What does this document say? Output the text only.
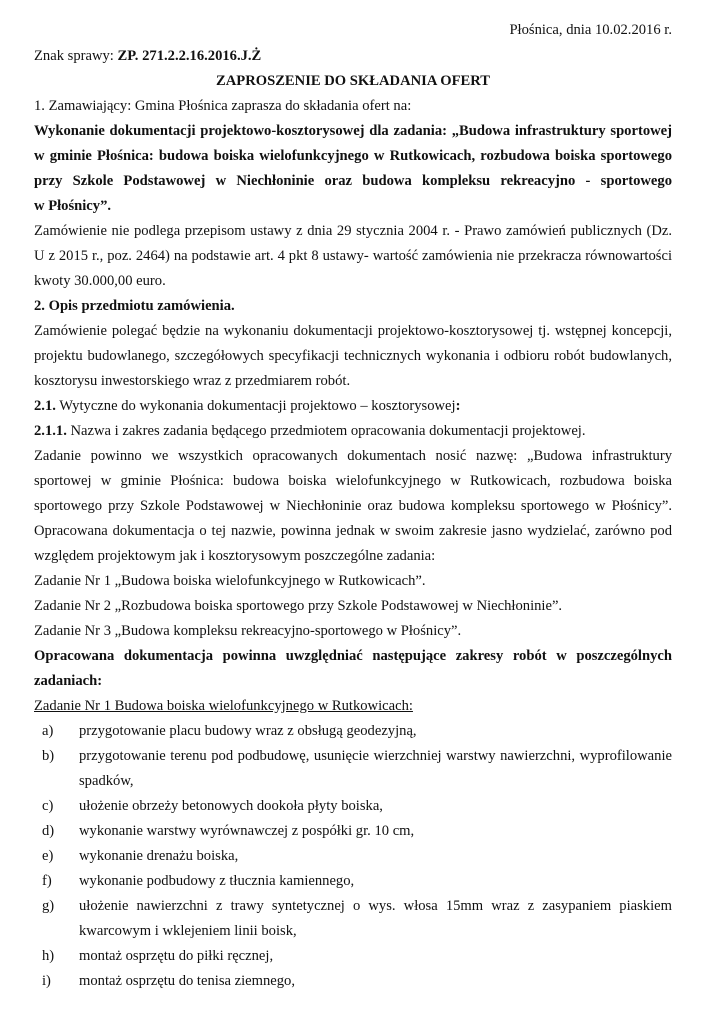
Płośnica, dnia 10.02.2016 r.
Znak sprawy: ZP. 271.2.2.16.2016.J.Ż
ZAPROSZENIE DO SKŁADANIA OFERT
1. Zamawiający: Gmina Płośnica zaprasza do składania ofert na:
Wykonanie dokumentacji projektowo-kosztorysowej dla zadania: „Budowa infrastruktury sportowej
w gminie Płośnica: budowa boiska wielofunkcyjnego w Rutkowicach, rozbudowa boiska sportowego
przy Szkole Podstawowej w Niechłoninie oraz budowa kompleksu rekreacyjno - sportowego
w Płośnicy”.
Zamówienie nie podlega przepisom ustawy z dnia 29 stycznia 2004 r. - Prawo zamówień publicznych (Dz.
U z 2015 r., poz. 2464) na podstawie art. 4 pkt 8 ustawy- wartość zamówienia nie przekracza równowartości
kwoty 30.000,00 euro.
2. Opis przedmiotu zamówienia.
Zamówienie polegać będzie na wykonaniu dokumentacji projektowo-kosztorysowej tj. wstępnej koncepcji,
projektu budowlanego, szczegółowych specyfikacji technicznych wykonania i odbioru robót budowlanych,
kosztorysu inwestorskiego wraz z przedmiarem robót.
2.1. Wytyczne do wykonania dokumentacji projektowo – kosztorysowej:
2.1.1. Nazwa i zakres zadania będącego przedmiotem opracowania dokumentacji projektowej.
Zadanie powinno we wszystkich opracowanych dokumentach nosić nazwę: „Budowa infrastruktury
sportowej w gminie Płośnica: budowa boiska wielofunkcyjnego w Rutkowicach, rozbudowa boiska
sportowego przy Szkole Podstawowej w Niechłoninie oraz budowa kompleksu sportowego w Płośnicy”.
Opracowana dokumentacja o tej nazwie, powinna jednak w swoim zakresie jasno wydzielać, zarówno pod
względem projektowym jak i kosztorysowym poszczególne zadania:
Zadanie Nr 1 „Budowa boiska wielofunkcyjnego w Rutkowicach”.
Zadanie Nr 2 „Rozbudowa boiska sportowego przy Szkole Podstawowej w Niechłoninie”.
Zadanie Nr 3 „Budowa kompleksu rekreacyjno-sportowego w Płośnicy”.
Opracowana dokumentacja powinna uwzględniać następujące zakresy robót w poszczególnych
zadaniach:
Zadanie Nr 1 Budowa boiska wielofunkcyjnego w Rutkowicach:
a)	przygotowanie placu budowy wraz z obsługą geodezyjną,
b)	przygotowanie terenu pod podbudowę, usunięcie wierzchniej warstwy nawierzchni, wyprofilowanie
spadków,
c)	ułożenie obrzeży betonowych dookoła płyty boiska,
d)	wykonanie warstwy wyrównawczej z pospółki gr. 10 cm,
e)	wykonanie drenażu boiska,
f)	wykonanie podbudowy z tłucznia kamiennego,
g)	ułożenie nawierzchni z trawy syntetycznej o wys. włosa 15mm wraz z zasypaniem piaskiem
kwarcowym i wklejeniem linii boisk,
h)	montaż osprzętu do piłki ręcznej,
i)	montaż osprzętu do tenisa ziemnego,
